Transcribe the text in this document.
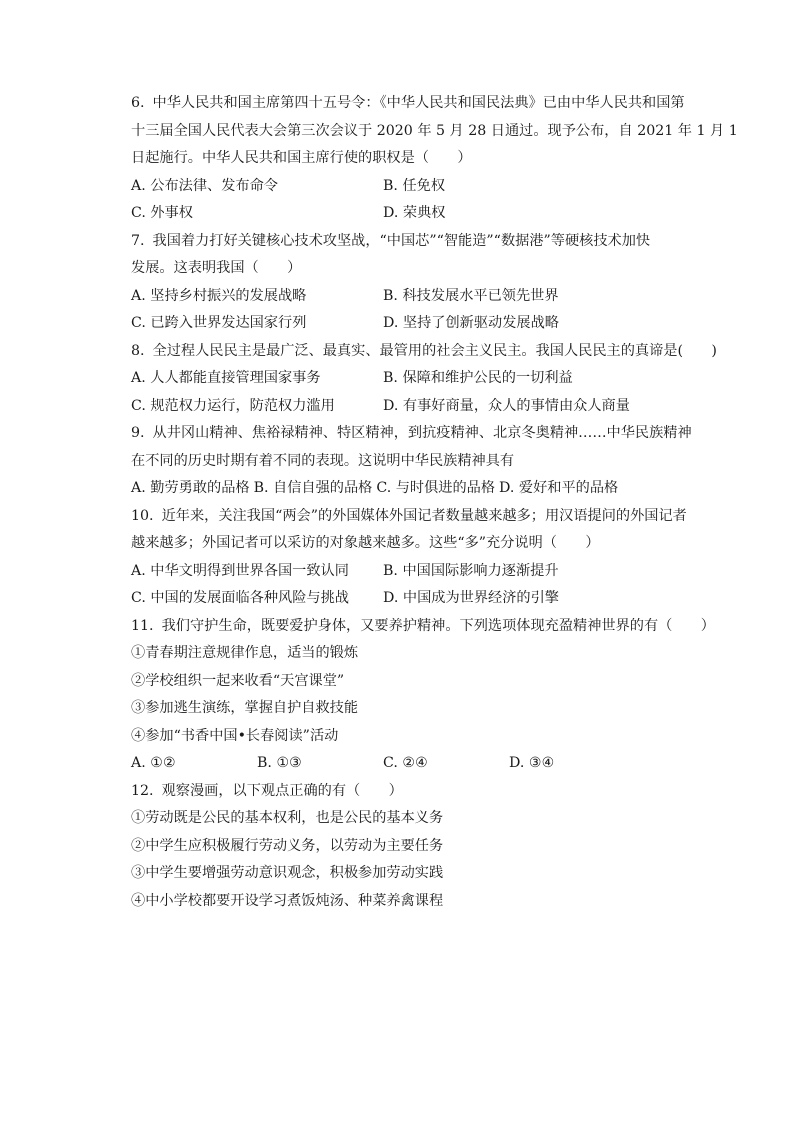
6. 中华人民共和国主席第四十五号令：《中华人民共和国民法典》已由中华人民共和国第
十三届全国人民代表大会第三次会议于 2020 年 5 月 28 日通过。现予公布，自 2021 年 1 月 1
日起施行。中华人民共和国主席行使的职权是（　　）
A. 公布法律、发布命令	B. 任免权
C. 外事权	D. 荣典权
7. 我国着力打好关键核心技术攻坚战，“中国芯”“智能造”“数据港”等硬核技术加快
发展。这表明我国（　　）
A. 坚持乡村振兴的发展战略	B. 科技发展水平已领先世界
C. 已跨入世界发达国家行列	D. 坚持了创新驱动发展战略
8. 全过程人民民主是最广泛、最真实、最管用的社会主义民主。我国人民民主的真谛是(　　)
A. 人人都能直接管理国家事务	B. 保障和维护公民的一切利益
C. 规范权力运行，防范权力滥用	D. 有事好商量，众人的事情由众人商量
9. 从井冈山精神、焦裕禄精神、特区精神，到抗疫精神、北京冬奥精神……中华民族精神
在不同的历史时期有着不同的表现。这说明中华民族精神具有
A. 勤劳勇敢的品格 B. 自信自强的品格 C. 与时俱进的品格 D. 爱好和平的品格
10. 近年来，关注我国“两会”的外国媒体外国记者数量越来越多；用汉语提问的外国记者
越来越多；外国记者可以采访的对象越来越多。这些“多”充分说明（　　）
A. 中华文明得到世界各国一致认同	B. 中国国际影响力逐渐提升
C. 中国的发展面临各种风险与挑战	D. 中国成为世界经济的引擎
11. 我们守护生命，既要爱护身体，又要养护精神。下列选项体现充盈精神世界的有（　　）
①青春期注意规律作息，适当的锻炼
②学校组织一起来收看“天宫课堂”
③参加逃生演练，掌握自护自救技能
④参加“书香中国•长春阅读”活动
A. ①②	B. ①③	C. ②④	D. ③④
12. 观察漫画，以下观点正确的有（　　）
①劳动既是公民的基本权利，也是公民的基本义务
②中学生应积极履行劳动义务，以劳动为主要任务
③中学生要增强劳动意识观念，积极参加劳动实践
④中小学校都要开设学习煮饭炖汤、种菜养禽课程
